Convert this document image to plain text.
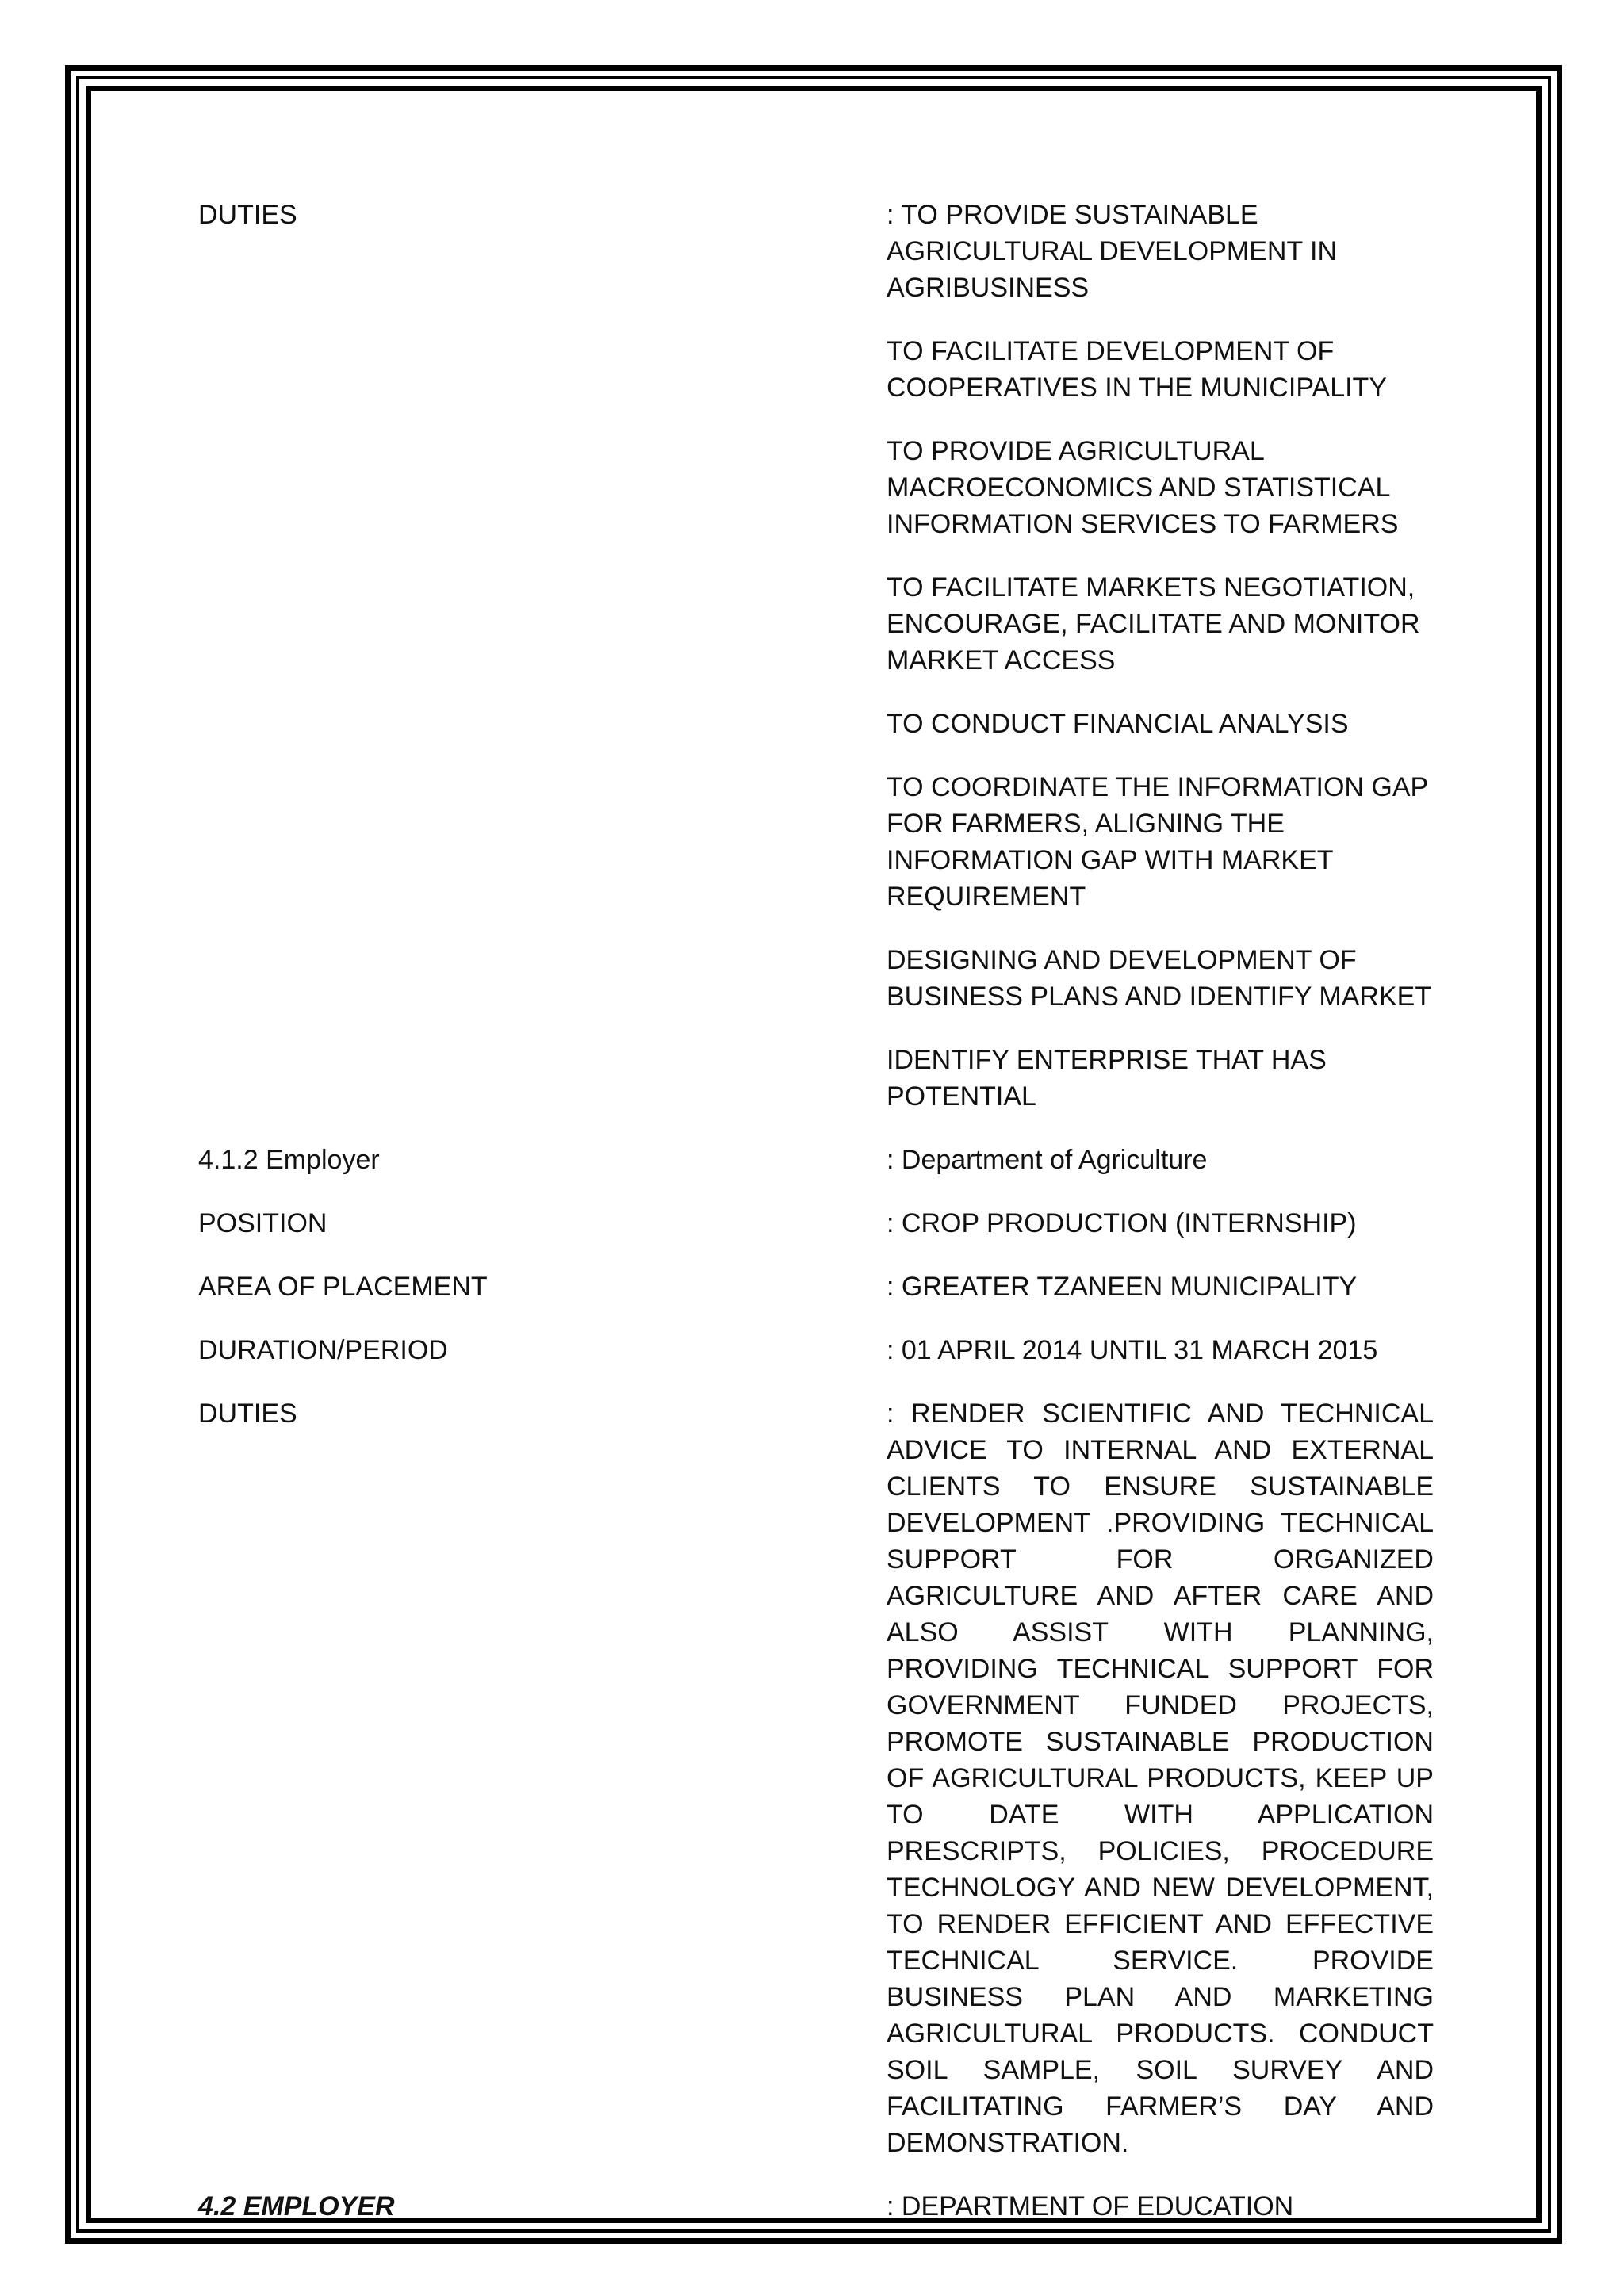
DUTIES	: TO PROVIDE SUSTAINABLE AGRICULTURAL DEVELOPMENT IN AGRIBUSINESS

TO FACILITATE DEVELOPMENT OF COOPERATIVES IN THE MUNICIPALITY

TO PROVIDE AGRICULTURAL MACROECONOMICS AND STATISTICAL INFORMATION SERVICES TO FARMERS

TO FACILITATE MARKETS NEGOTIATION, ENCOURAGE, FACILITATE AND MONITOR MARKET ACCESS

TO CONDUCT FINANCIAL ANALYSIS

TO COORDINATE THE INFORMATION GAP FOR FARMERS, ALIGNING THE INFORMATION GAP WITH MARKET REQUIREMENT

DESIGNING AND DEVELOPMENT OF BUSINESS PLANS AND IDENTIFY MARKET

IDENTIFY ENTERPRISE THAT HAS POTENTIAL

4.1.2 Employer	: Department of Agriculture
POSITION	: CROP PRODUCTION (INTERNSHIP)
AREA OF PLACEMENT	: GREATER TZANEEN MUNICIPALITY
DURATION/PERIOD	: 01 APRIL 2014 UNTIL 31 MARCH 2015
DUTIES	: RENDER SCIENTIFIC AND TECHNICAL ADVICE TO INTERNAL AND EXTERNAL CLIENTS TO ENSURE SUSTAINABLE DEVELOPMENT .PROVIDING TECHNICAL SUPPORT FOR ORGANIZED AGRICULTURE AND AFTER CARE AND ALSO ASSIST WITH PLANNING, PROVIDING TECHNICAL SUPPORT FOR GOVERNMENT FUNDED PROJECTS, PROMOTE SUSTAINABLE PRODUCTION OF AGRICULTURAL PRODUCTS, KEEP UP TO DATE WITH APPLICATION PRESCRIPTS, POLICIES, PROCEDURE TECHNOLOGY AND NEW DEVELOPMENT, TO RENDER EFFICIENT AND EFFECTIVE TECHNICAL SERVICE. PROVIDE BUSINESS PLAN AND MARKETING AGRICULTURAL PRODUCTS. CONDUCT SOIL SAMPLE, SOIL SURVEY AND FACILITATING FARMER’S DAY AND DEMONSTRATION.
4.2 EMPLOYER	: DEPARTMENT OF EDUCATION
